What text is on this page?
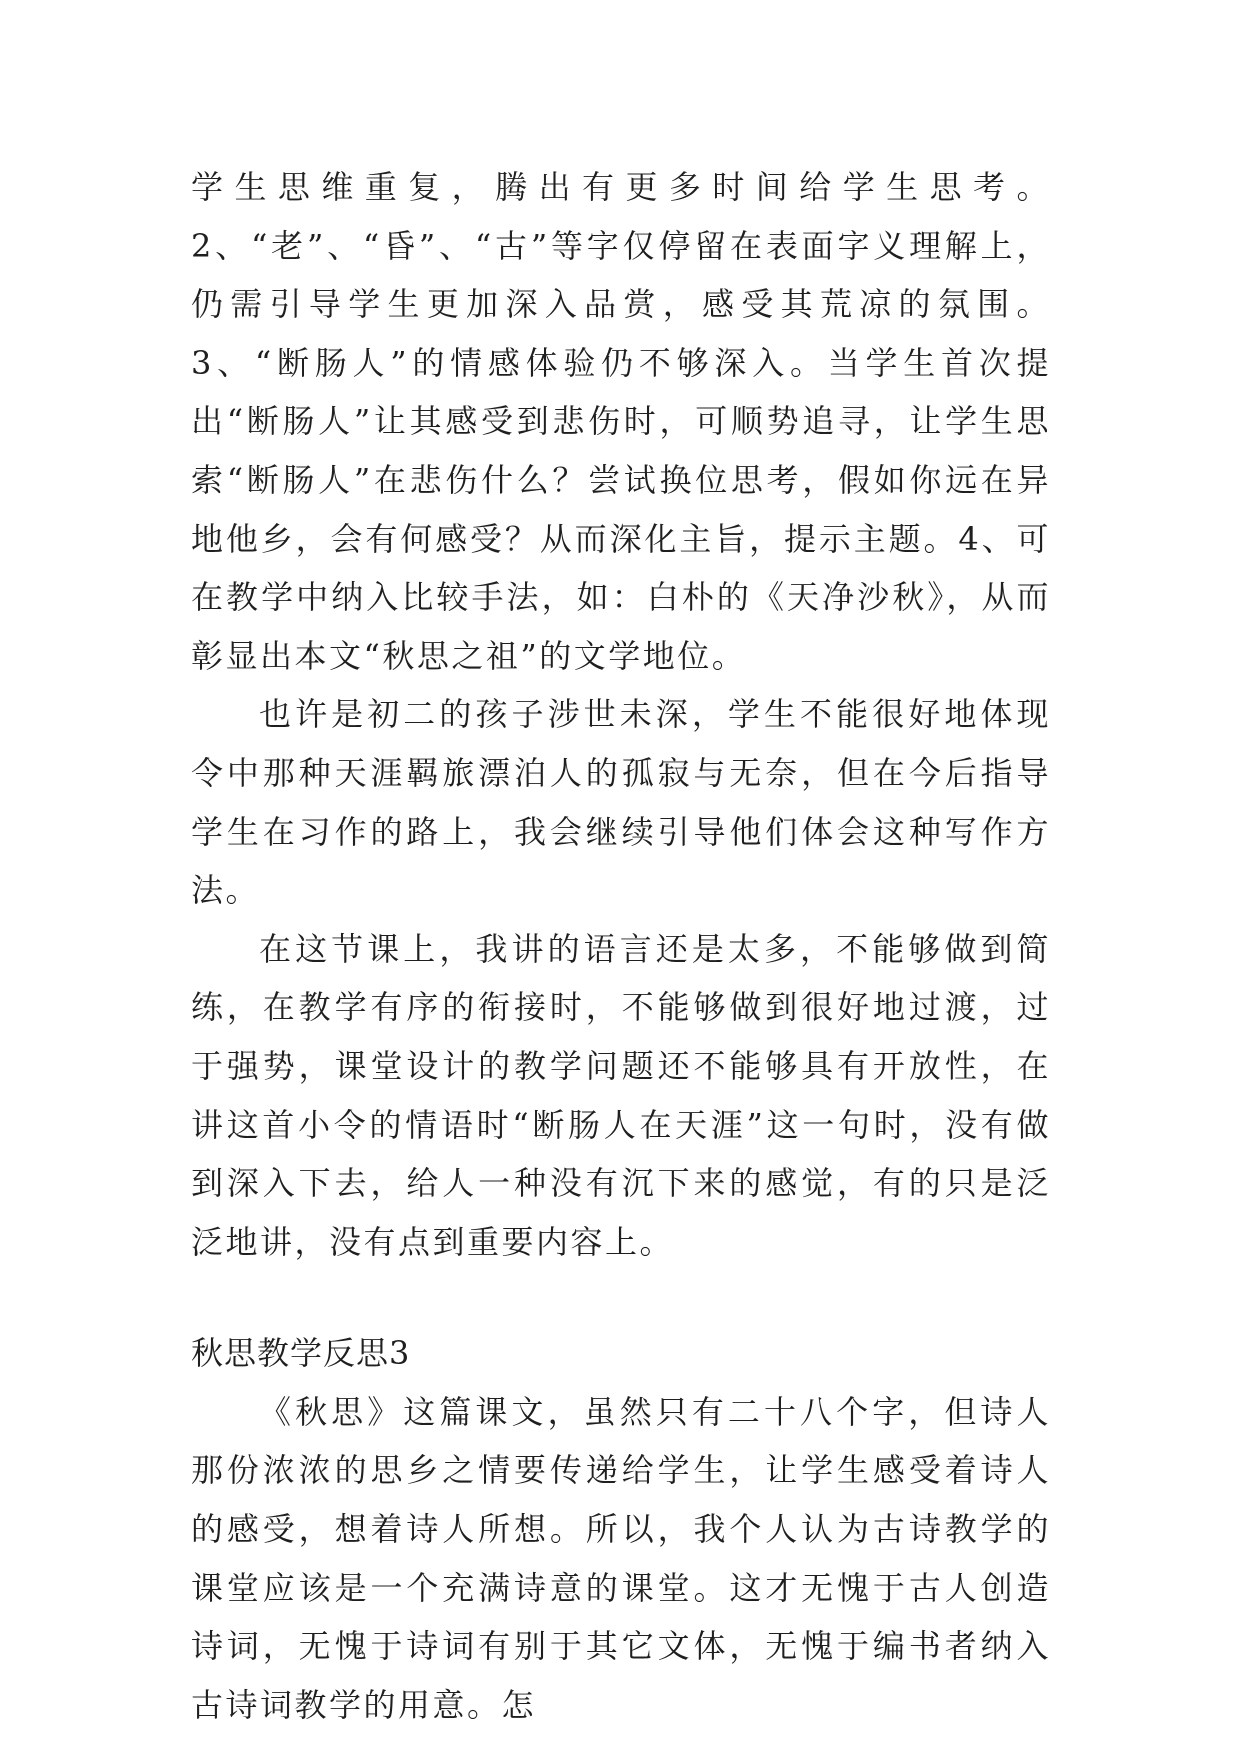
学生思维重复，腾出有更多时间给学生思考。2、“老”、“昏”、“古”等字仅停留在表面字义理解上，仍需引导学生更加深入品赏，感受其荒凉的氛围。3、“断肠人”的情感体验仍不够深入。当学生首次提出“断肠人”让其感受到悲伤时，可顺势追寻，让学生思索“断肠人”在悲伤什么？尝试换位思考，假如你远在异地他乡，会有何感受？从而深化主旨，提示主题。4、可在教学中纳入比较手法，如：白朴的《天净沙秋》，从而彰显出本文“秋思之祖”的文学地位。

也许是初二的孩子涉世未深，学生不能很好地体现令中那种天涯羁旅漂泊人的孤寂与无奈，但在今后指导学生在习作的路上，我会继续引导他们体会这种写作方法。

在这节课上，我讲的语言还是太多，不能够做到简练，在教学有序的衔接时，不能够做到很好地过渡，过于强势，课堂设计的教学问题还不能够具有开放性，在讲这首小令的情语时“断肠人在天涯”这一句时，没有做到深入下去，给人一种没有沉下来的感觉，有的只是泛泛地讲，没有点到重要内容上。

秋思教学反思3

《秋思》这篇课文，虽然只有二十八个字，但诗人那份浓浓的思乡之情要传递给学生，让学生感受着诗人的感受，想着诗人所想。所以，我个人认为古诗教学的课堂应该是一个充满诗意的课堂。这才无愧于古人创造诗词，无愧于诗词有别于其它文体，无愧于编书者纳入古诗词教学的用意。怎
